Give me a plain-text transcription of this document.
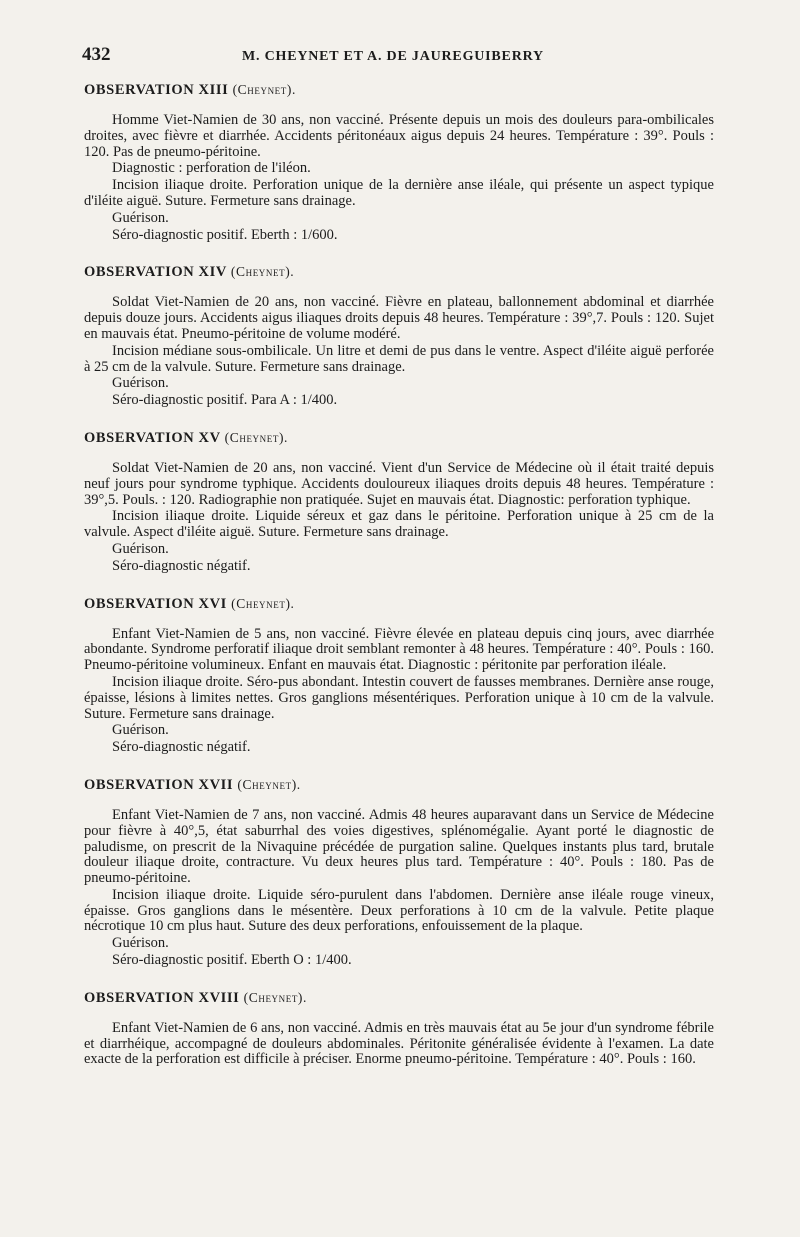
432	M. CHEYNET ET A. DE JAUREGUIBERRY
OBSERVATION XIII (Cheynet).

Homme Viet-Namien de 30 ans, non vacciné. Présente depuis un mois des douleurs para-ombilicales droites, avec fièvre et diarrhée. Accidents péritonéaux aigus depuis 24 heures. Température : 39°. Pouls : 120. Pas de pneumo-péritoine.

Diagnostic : perforation de l'iléon.

Incision iliaque droite. Perforation unique de la dernière anse iléale, qui présente un aspect typique d'iléite aiguë. Suture. Fermeture sans drainage.

Guérison.

Séro-diagnostic positif. Eberth : 1/600.

OBSERVATION XIV (Cheynet).

Soldat Viet-Namien de 20 ans, non vacciné. Fièvre en plateau, ballonnement abdominal et diarrhée depuis douze jours. Accidents aigus iliaques droits depuis 48 heures. Température : 39°,7. Pouls : 120. Sujet en mauvais état. Pneumo-péritoine de volume modéré.

Incision médiane sous-ombilicale. Un litre et demi de pus dans le ventre. Aspect d'iléite aiguë perforée à 25 cm de la valvule. Suture. Fermeture sans drainage.

Guérison.

Séro-diagnostic positif. Para A : 1/400.

OBSERVATION XV (Cheynet).

Soldat Viet-Namien de 20 ans, non vacciné. Vient d'un Service de Médecine où il était traité depuis neuf jours pour syndrome typhique. Accidents douloureux iliaques droits depuis 48 heures. Température : 39°,5. Pouls. : 120. Radiographie non pratiquée. Sujet en mauvais état. Diagnostic: perforation typhique.

Incision iliaque droite. Liquide séreux et gaz dans le péritoine. Perforation unique à 25 cm de la valvule. Aspect d'iléite aiguë. Suture. Fermeture sans drainage.

Guérison.

Séro-diagnostic négatif.

OBSERVATION XVI (Cheynet).

Enfant Viet-Namien de 5 ans, non vacciné. Fièvre élevée en plateau depuis cinq jours, avec diarrhée abondante. Syndrome perforatif iliaque droit semblant remonter à 48 heures. Température : 40°. Pouls : 160. Pneumo-péritoine volumineux. Enfant en mauvais état. Diagnostic : péritonite par perforation iléale.

Incision iliaque droite. Séro-pus abondant. Intestin couvert de fausses membranes. Dernière anse rouge, épaisse, lésions à limites nettes. Gros ganglions mésentériques. Perforation unique à 10 cm de la valvule. Suture. Fermeture sans drainage.

Guérison.

Séro-diagnostic négatif.

OBSERVATION XVII (Cheynet).

Enfant Viet-Namien de 7 ans, non vacciné. Admis 48 heures auparavant dans un Service de Médecine pour fièvre à 40°,5, état saburrhal des voies digestives, splénomégalie. Ayant porté le diagnostic de paludisme, on prescrit de la Nivaquine précédée de purgation saline. Quelques instants plus tard, brutale douleur iliaque droite, contracture. Vu deux heures plus tard. Température : 40°. Pouls : 180. Pas de pneumo-péritoine.

Incision iliaque droite. Liquide séro-purulent dans l'abdomen. Dernière anse iléale rouge vineux, épaisse. Gros ganglions dans le mésentère. Deux perforations à 10 cm de la valvule. Petite plaque nécrotique 10 cm plus haut. Suture des deux perforations, enfouissement de la plaque.

Guérison.

Séro-diagnostic positif. Eberth O : 1/400.

OBSERVATION XVIII (Cheynet).

Enfant Viet-Namien de 6 ans, non vacciné. Admis en très mauvais état au 5e jour d'un syndrome fébrile et diarrhéique, accompagné de douleurs abdominales. Péritonite généralisée évidente à l'examen. La date exacte de la perforation est difficile à préciser. Enorme pneumo-péritoine. Température : 40°. Pouls : 160.
